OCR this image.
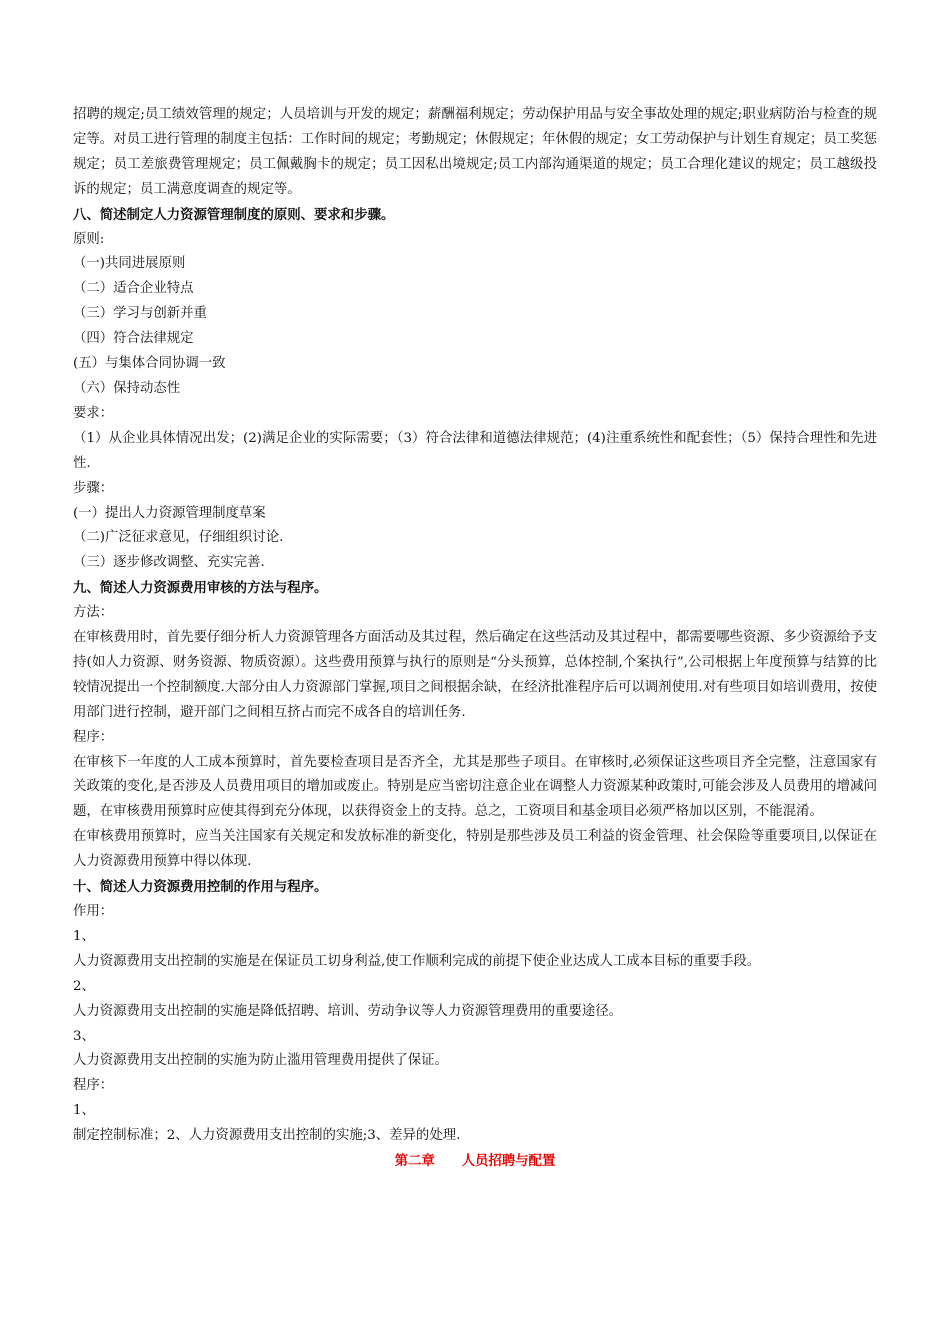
招聘的规定;员工绩效管理的规定；人员培训与开发的规定；薪酬福利规定；劳动保护用品与安全事故处理的规定;职业病防治与检查的规定等。对员工进行管理的制度主包括：工作时间的规定；考勤规定；休假规定；年休假的规定；女工劳动保护与计划生育规定；员工奖惩规定；员工差旅费管理规定；员工佩戴胸卡的规定；员工因私出境规定;员工内部沟通渠道的规定；员工合理化建议的规定；员工越级投诉的规定；员工满意度调查的规定等。

八、简述制定人力资源管理制度的原则、要求和步骤。

原则:

（一)共同进展原则

（二）适合企业特点

（三）学习与创新并重

（四）符合法律规定

(五）与集体合同协调一致

（六）保持动态性

要求：

（1）从企业具体情况出发；(2)满足企业的实际需要；（3）符合法律和道德法律规范；(4)注重系统性和配套性；（5）保持合理性和先进性.

步骤：

(一）提出人力资源管理制度草案

（二)广泛征求意见，仔细组织讨论.

（三）逐步修改调整、充实完善.

九、简述人力资源费用审核的方法与程序。

方法：

在审核费用时，首先要仔细分析人力资源管理各方面活动及其过程，然后确定在这些活动及其过程中，都需要哪些资源、多少资源给予支持(如人力资源、财务资源、物质资源）。这些费用预算与执行的原则是“分头预算，总体控制,个案执行”,公司根据上年度预算与结算的比较情况提出一个控制额度.大部分由人力资源部门掌握,项目之间根据余缺，在经济批准程序后可以调剂使用.对有些项目如培训费用，按使用部门进行控制，避开部门之间相互挤占而完不成各自的培训任务.

程序：

在审核下一年度的人工成本预算时，首先要检查项目是否齐全，尤其是那些子项目。在审核时,必须保证这些项目齐全完整，注意国家有关政策的变化,是否涉及人员费用项目的增加或废止。特别是应当密切注意企业在调整人力资源某种政策时,可能会涉及人员费用的增减问题，在审核费用预算时应使其得到充分体现，以获得资金上的支持。总之，工资项目和基金项目必须严格加以区别，不能混淆。

在审核费用预算时，应当关注国家有关规定和发放标准的新变化，特别是那些涉及员工利益的资金管理、社会保险等重要项目,以保证在人力资源费用预算中得以体现.

十、简述人力资源费用控制的作用与程序。

作用：

1、

人力资源费用支出控制的实施是在保证员工切身利益,使工作顺利完成的前提下使企业达成人工成本目标的重要手段。

2、

人力资源费用支出控制的实施是降低招聘、培训、劳动争议等人力资源管理费用的重要途径。

3、

人力资源费用支出控制的实施为防止滥用管理费用提供了保证。

程序：

1、

制定控制标准；2、人力资源费用支出控制的实施;3、差异的处理.

第二章　　人员招聘与配置
